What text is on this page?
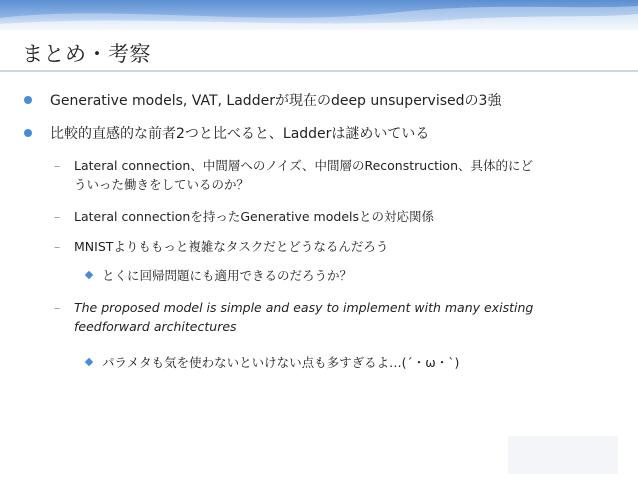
まとめ・考察
Generative models, VAT, Ladderが現在のdeep unsupervisedの3強
比較的直感的な前者2つと比べると、Ladderは謎めいている
– Lateral connection、中間層へのノイズ、中間層のReconstruction、具体的にど
ういった働きをしているのか？
– Lateral connectionを持ったGenerative modelsとの対応関係
– MNISTよりももっと複雑なタスクだとどうなるんだろう
とくに回帰問題にも適用できるのだろうか？
– The proposed model is simple and easy to implement with many existing
feedforward architectures
パラメタも気を使わないといけない点も多すぎるよ…(´・ω・`)
